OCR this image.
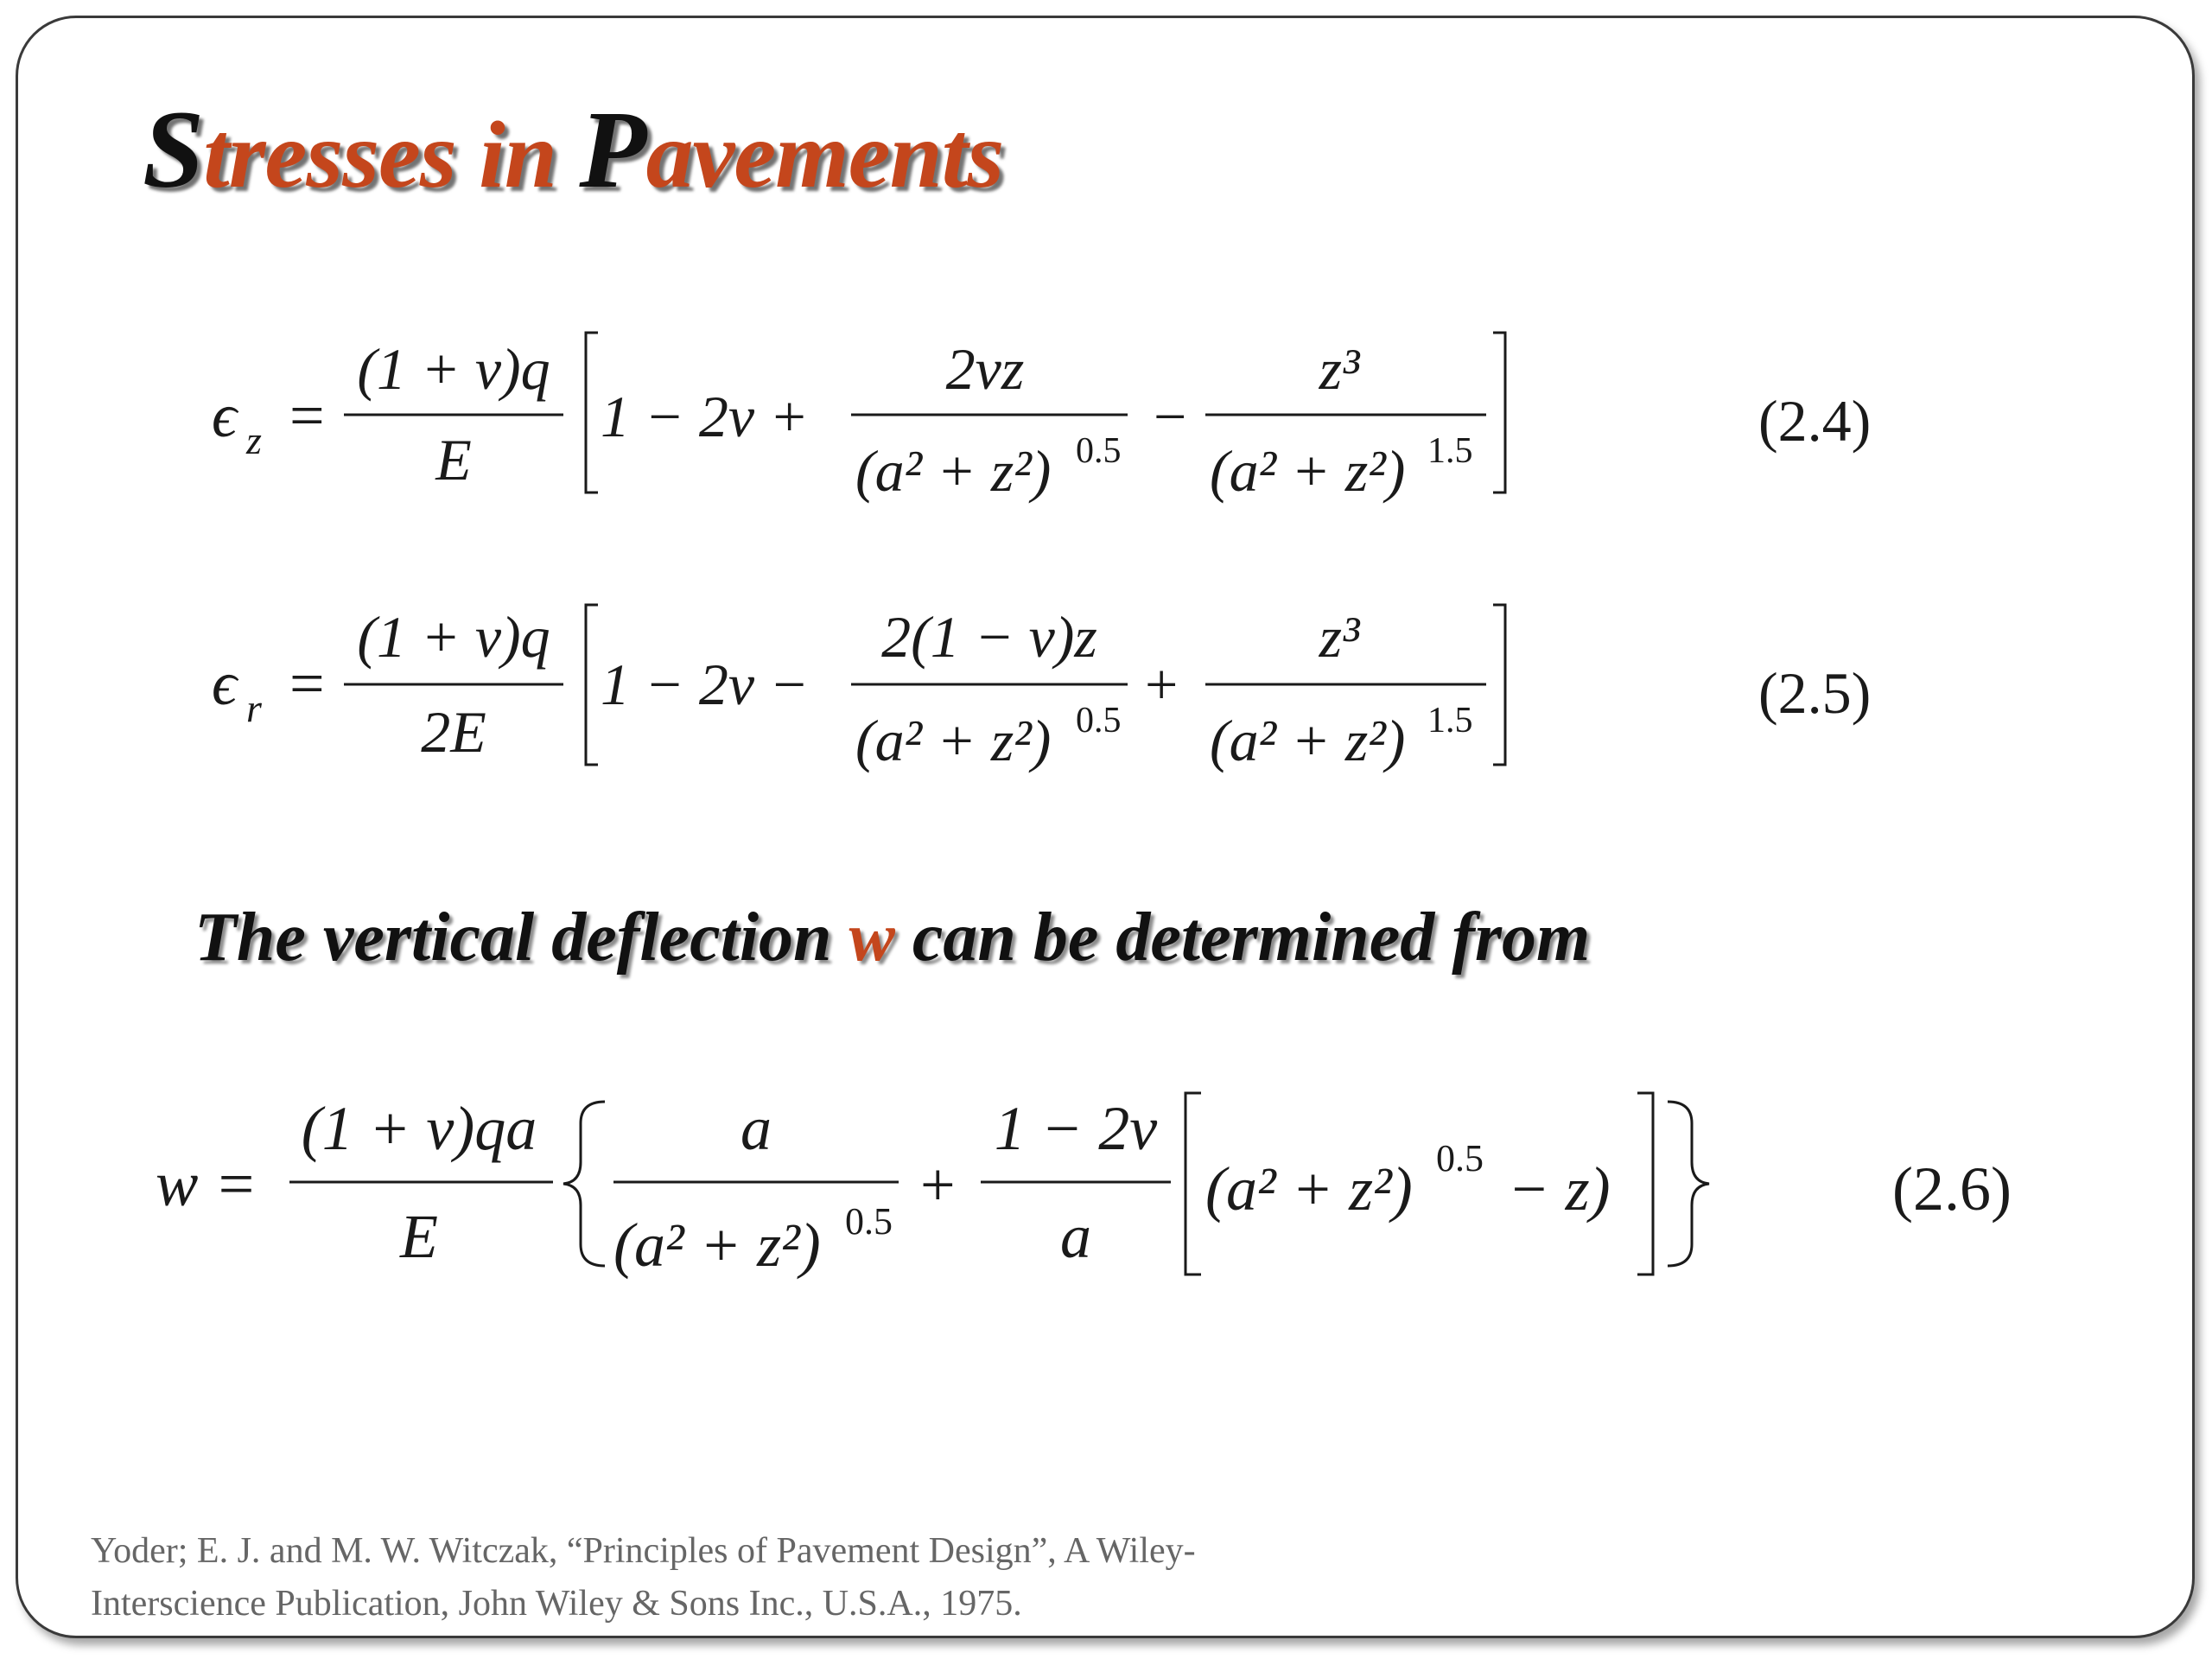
Stresses in Pavements
ϵ z =
(1 + v)q
E
1 − 2v +
2vz
(a² + z²) 0.5
−
z³
(a² + z²) 1.5	(2.4)
ϵ r =
(1 + v)q
2E
1 − 2v −
2(1 − v)z
(a² + z²) 0.5
+
z³
(a² + z²) 1.5	(2.5)
w =
(1 + v)qa
E
a
(a² + z²) 0.5
+
1 − 2v
a
(a² + z²) 0.5 − z)	(2.6)
The vertical deflection w can be determined from
Yoder; E. J. and M. W. Witczak, “Principles of Pavement Design”, A Wiley-
Interscience Publication, John Wiley & Sons Inc., U.S.A., 1975.
